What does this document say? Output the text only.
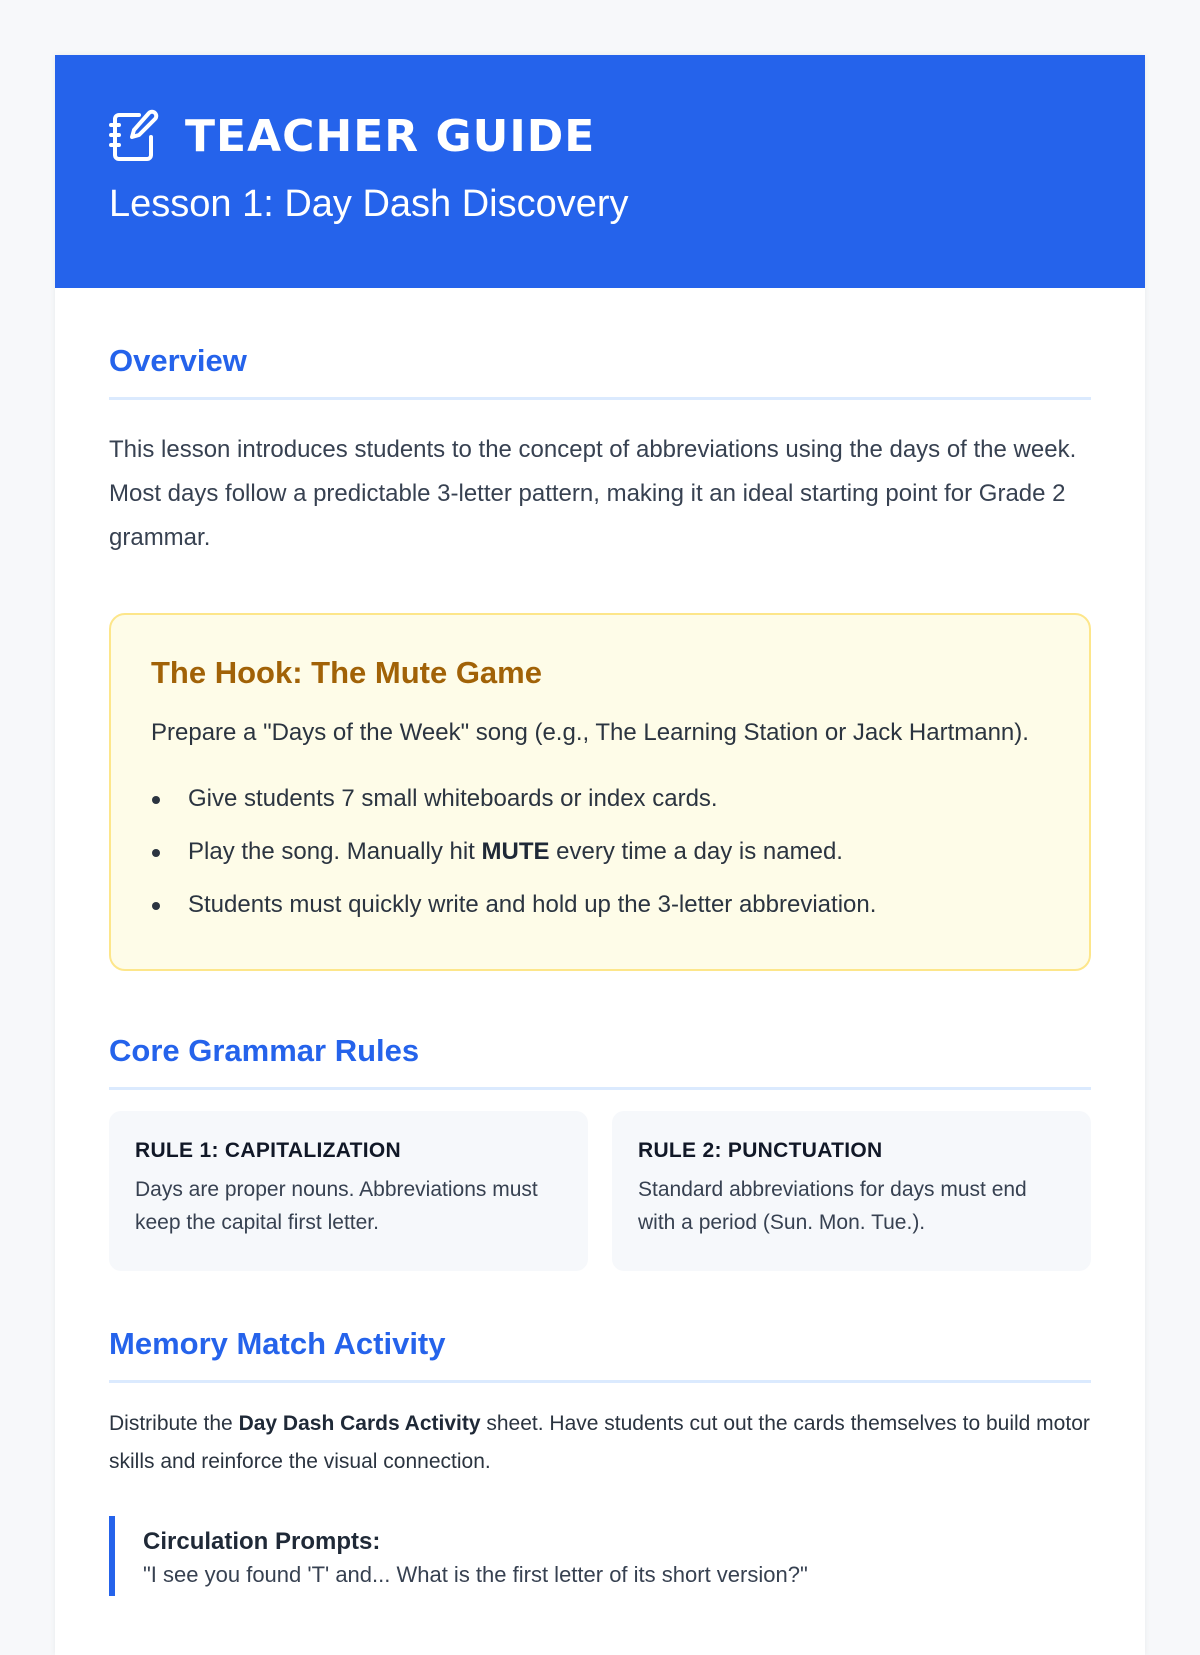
TEACHER GUIDE
Lesson 1: Day Dash Discovery
Overview

This lesson introduces students to the concept of abbreviations using the days of the week. Most days follow a predictable 3-letter pattern, making it an ideal starting point for Grade 2 grammar.

The Hook: The Mute Game

Prepare a "Days of the Week" song (e.g., The Learning Station or Jack Hartmann).

Give students 7 small whiteboards or index cards.
Play the song. Manually hit MUTE every time a day is named.
Students must quickly write and hold up the 3-letter abbreviation.
Core Grammar Rules
RULE 1: CAPITALIZATION

Days are proper nouns. Abbreviations must keep the capital first letter.

RULE 2: PUNCTUATION

Standard abbreviations for days must end with a period (Sun. Mon. Tue.).

Memory Match Activity

Distribute the Day Dash Cards Activity sheet. Have students cut out the cards themselves to build motor skills and reinforce the visual connection.

Circulation Prompts:

"I see you found 'T' and... What is the first letter of its short version?"
